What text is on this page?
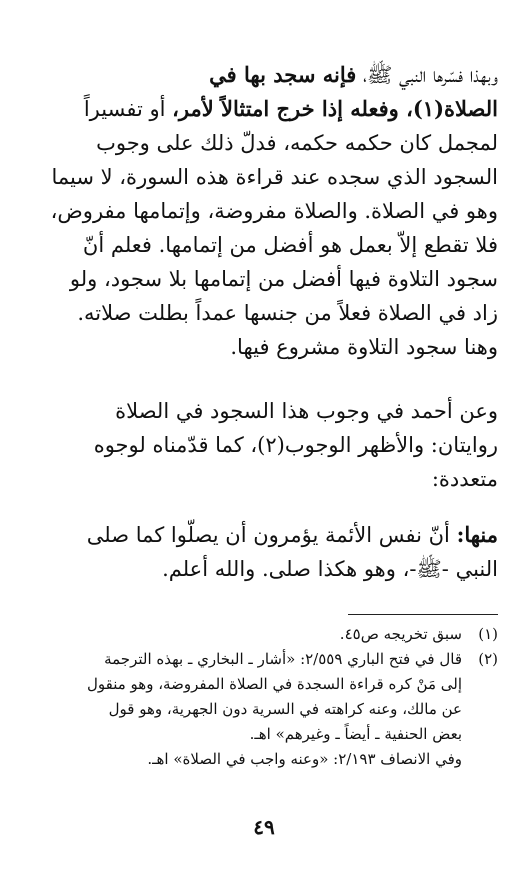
وبهذا فسّرها النبي ﷺ، فإنه سجد بها في
الصلاة(١)، وفعله إذا خرج امتثالاً لأمر، أو تفسيراً
لمجمل كان حكمه حكمه، فدلّ ذلك على وجوب
السجود الذي سجده عند قراءة هذه السورة، لا سيما
وهو في الصلاة. والصلاة مفروضة، وإتمامها مفروض،
فلا تقطع إلاّ بعمل هو أفضل من إتمامها. فعلم أنّ
سجود التلاوة فيها أفضل من إتمامها بلا سجود، ولو
زاد في الصلاة فعلاً من جنسها عمداً بطلت صلاته.
وهنا سجود التلاوة مشروع فيها.
وعن أحمد في وجوب هذا السجود في الصلاة
روايتان: والأظهر الوجوب(٢)، كما قدّمناه لوجوه
متعددة:
منها: أنّ نفس الأئمة يؤمرون أن يصلّوا كما صلى
النبي -ﷺ-، وهو هكذا صلى. والله أعلم.
(١)سبق تخريجه ص٤٥.
(٢)قال في فتح الباري ٢/٥٥٩: «أشار ـ البخاري ـ بهذه الترجمة
إلى مَنْ كره قراءة السجدة في الصلاة المفروضة، وهو منقول
عن مالك، وعنه كراهته في السرية دون الجهرية، وهو قول
بعض الحنفية ـ أيضاً ـ وغيرهم» اهـ.
وفي الانصاف ٢/١٩٣: «وعنه واجب في الصلاة» اهـ.
٤٩
